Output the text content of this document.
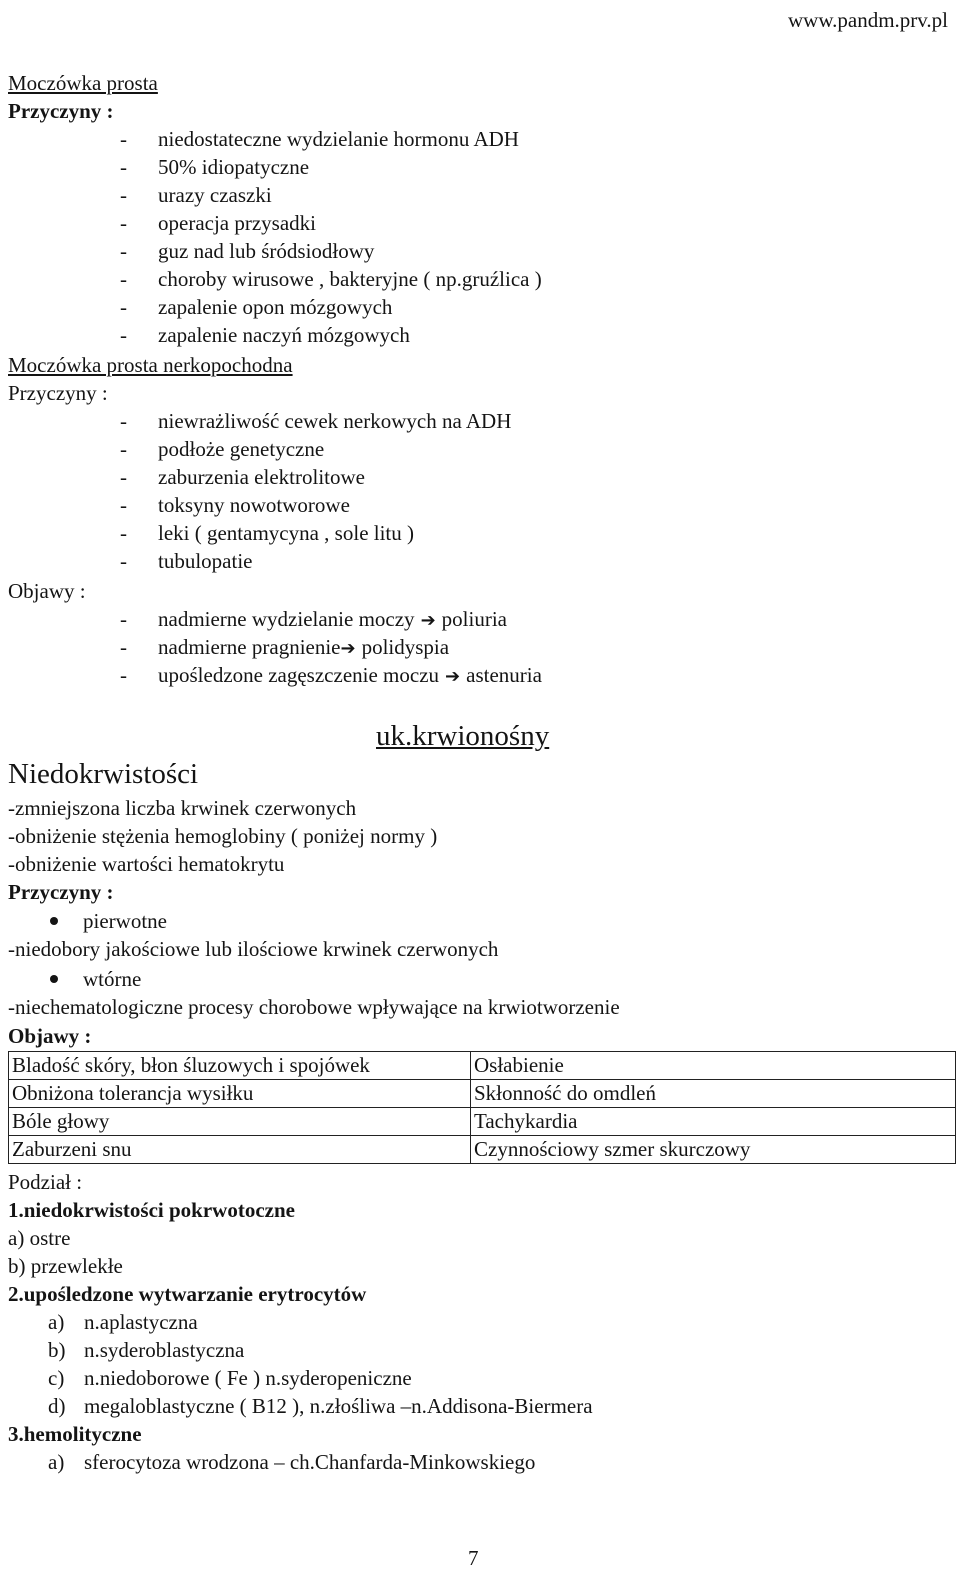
www.pandm.prv.pl
Moczówka prosta
Przyczyny :
- niedostateczne wydzielanie hormonu ADH
- 50% idiopatyczne
- urazy czaszki
- operacja przysadki
- guz nad lub śródsiodłowy
- choroby wirusowe , bakteryjne ( np.gruźlica )
- zapalenie opon mózgowych
- zapalenie naczyń mózgowych
Moczówka prosta nerkopochodna
Przyczyny :
- niewrażliwość cewek nerkowych na ADH
- podłoże genetyczne
- zaburzenia elektrolitowe
- toksyny nowotworowe
- leki ( gentamycyna , sole litu )
- tubulopatie
Objawy :
- nadmierne wydzielanie moczy ➔ poliuria
- nadmierne pragnienie➔ polidyspia
- upośledzone zagęszczenie moczu ➔ astenuria
uk.krwionośny
Niedokrwistości
-zmniejszona liczba krwinek czerwonych
-obniżenie stężenia hemoglobiny ( poniżej normy )
-obniżenie wartości hematokrytu
Przyczyny :
pierwotne
-niedobory jakościowe lub ilościowe krwinek czerwonych
wtórne
-niechematologiczne procesy chorobowe wpływające na krwiotworzenie
Objawy :
Bladość skóry, błon śluzowych i spojówek	Osłabienie
Obniżona tolerancja wysiłku	Skłonność do omdleń
Bóle głowy	Tachykardia
Zaburzeni snu	Czynnościowy szmer skurczowy
Podział :
1.niedokrwistości pokrwotoczne
a) ostre
b) przewlekłe
2.upośledzone wytwarzanie erytrocytów
a) n.aplastyczna
b) n.syderoblastyczna
c) n.niedoborowe ( Fe ) n.syderopeniczne
d) megaloblastyczne ( B12 ), n.złośliwa –n.Addisona-Biermera
3.hemolityczne
a) sferocytoza wrodzona – ch.Chanfarda-Minkowskiego
7
